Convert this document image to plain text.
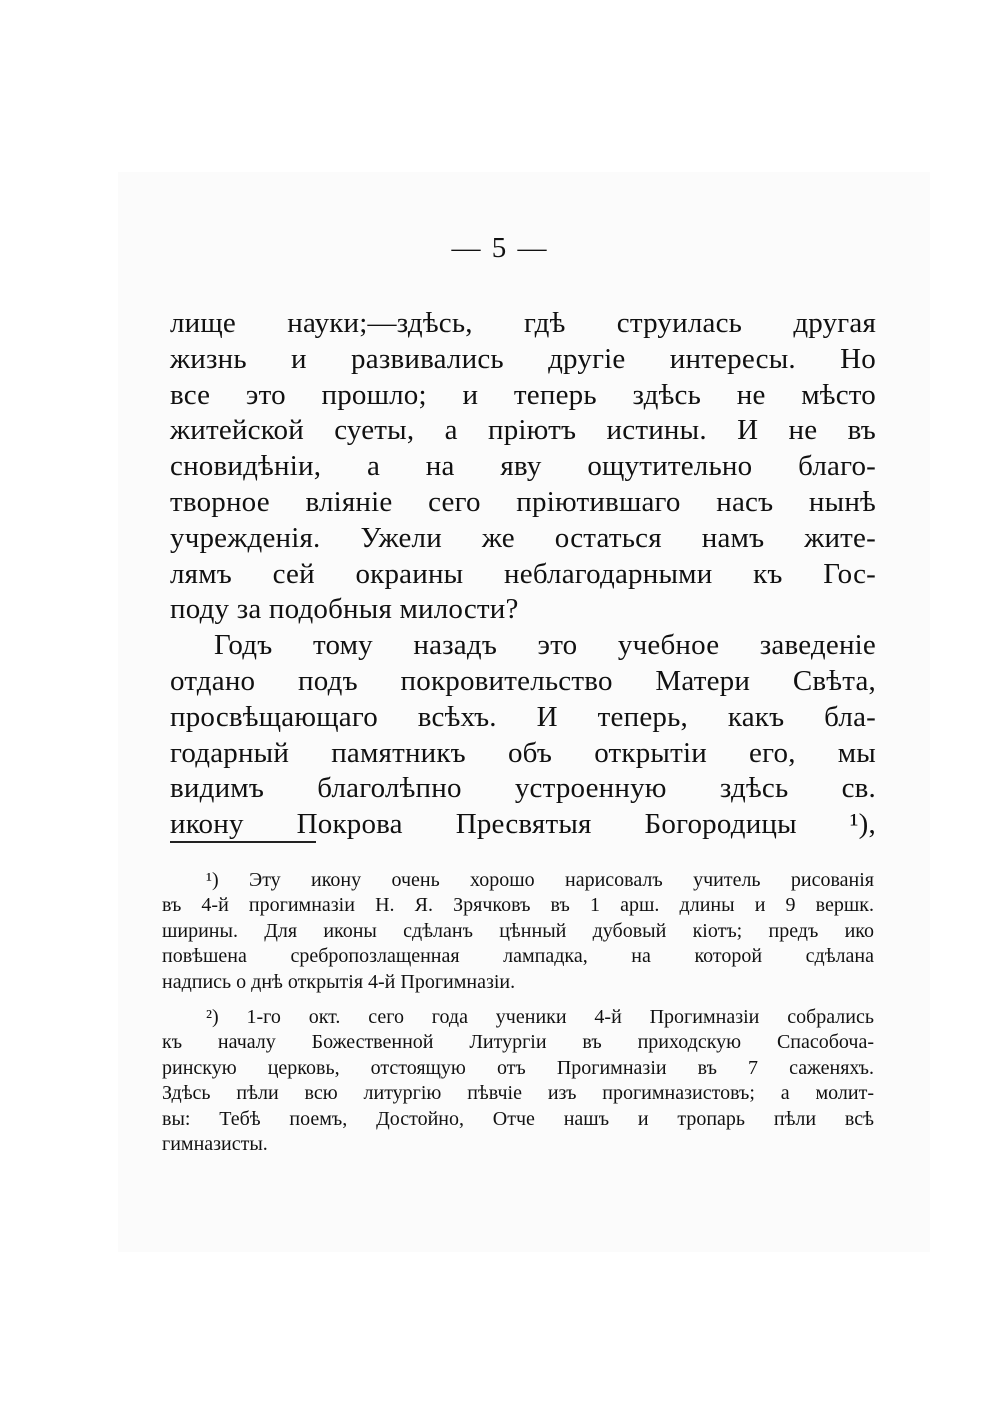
— 5 —
лище науки;—здѣсь, гдѣ струилась другая
жизнь и развивались другіе интересы. Но
все это прошло; и теперь здѣсь не мѣсто
житейской суеты, а пріютъ истины. И не въ
сновидѣніи, а на яву ощутительно благо-
творное вліяніе сего пріютившаго насъ нынѣ
учрежденія. Ужели же остаться намъ жите-
лямъ сей окраины неблагодарными къ Гос-
поду за подобныя милости?
Годъ тому назадъ это учебное заведеніе
отдано подъ покровительство Матери Свѣта,
просвѣщающаго всѣхъ. И теперь, какъ бла-
годарный памятникъ объ открытіи его, мы
видимъ благолѣпно устроенную здѣсь св.
икону Покрова Пресвятыя Богородицы ¹),
¹) Эту икону очень хорошо нарисовалъ учитель рисованія
въ 4-й прогимназіи Н. Я. Зрячковъ въ 1 арш. длины и 9 вершк.
ширины. Для иконы сдѣланъ цѣнный дубовый кіотъ; предъ ико
повѣшена сребропозлащенная лампадка, на которой сдѣлана
надпись о днѣ открытія 4-й Прогимназіи.
²) 1-го окт. сего года ученики 4-й Прогимназіи собрались
къ началу Божественной Литургіи въ приходскую Спасобоча-
ринскую церковь, отстоящую отъ Прогимназіи въ 7 саженяхъ.
Здѣсь пѣли всю литургію пѣвчіе изъ прогимназистовъ; а молит-
вы: Тебѣ поемъ, Достойно, Отче нашъ и тропарь пѣли всѣ
гимназисты.
